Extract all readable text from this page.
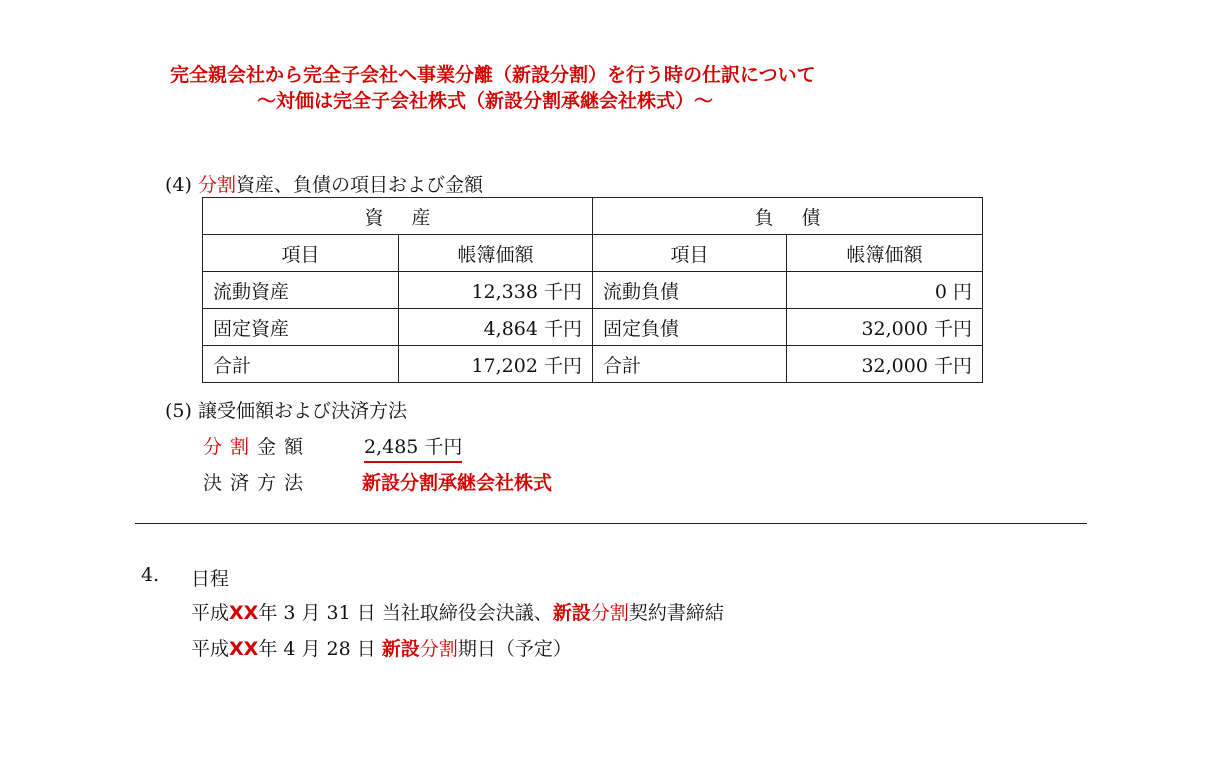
完全親会社から完全子会社へ事業分離（新設分割）を行う時の仕訳について
～対価は完全子会社株式（新設分割承継会社株式）～
(4) 分割資産、負債の項目および金額
資産		負債	
項目	帳簿価額	項目	帳簿価額
流動資産	12,338 千円	流動負債	0 円
固定資産	4,864 千円	固定負債	32,000 千円
合計	17,202 千円	合計	32,000 千円
(5) 譲受価額および決済方法
分割金額	2,485 千円
決済方法	新設分割承継会社株式
4. 日程
平成XX年 3 月 31 日 当社取締役会決議、新設分割契約書締結
平成XX年 4 月 28 日 新設分割期日（予定）
